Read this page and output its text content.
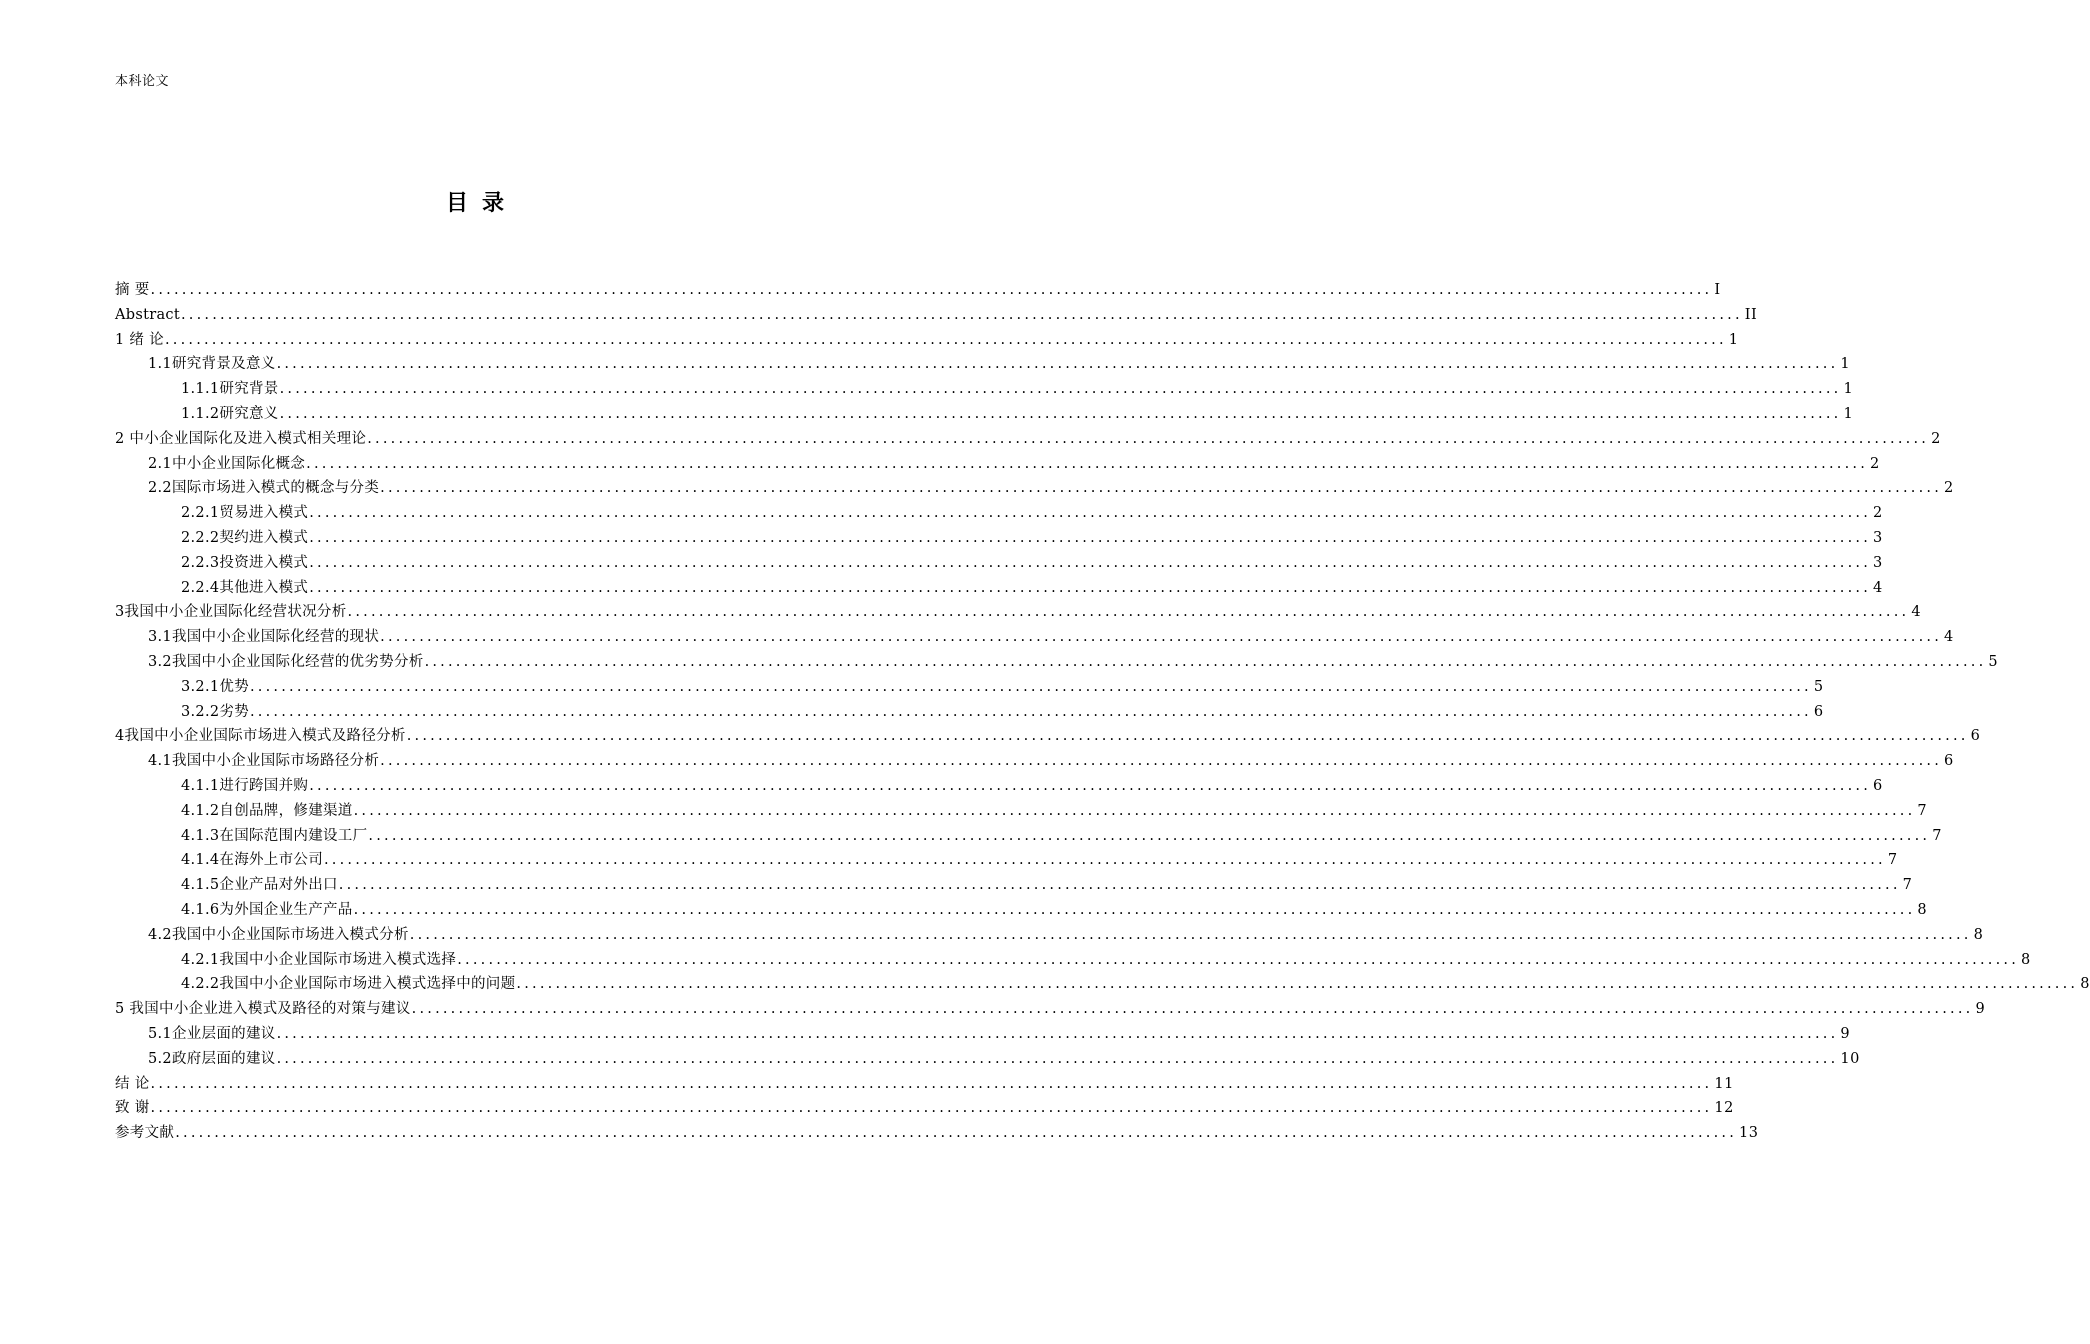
本科论文
目录
摘 要 ........................................................................................................................................................................................................ I
Abstract ........................................................................................................................................................................................................ II
1 绪 论 ........................................................................................................................................................................................................ 1
1.1研究背景及意义 ........................................................................................................................................................................................................ 1
1.1.1研究背景 ........................................................................................................................................................................................................ 1
1.1.2研究意义 ........................................................................................................................................................................................................ 1
2 中小企业国际化及进入模式相关理论 ........................................................................................................................................................................................................ 2
2.1中小企业国际化概念 ........................................................................................................................................................................................................ 2
2.2国际市场进入模式的概念与分类 ........................................................................................................................................................................................................ 2
2.2.1贸易进入模式 ........................................................................................................................................................................................................ 2
2.2.2契约进入模式 ........................................................................................................................................................................................................ 3
2.2.3投资进入模式 ........................................................................................................................................................................................................ 3
2.2.4其他进入模式 ........................................................................................................................................................................................................ 4
3我国中小企业国际化经营状况分析 ........................................................................................................................................................................................................ 4
3.1我国中小企业国际化经营的现状 ........................................................................................................................................................................................................ 4
3.2我国中小企业国际化经营的优劣势分析 ........................................................................................................................................................................................................ 5
3.2.1优势 ........................................................................................................................................................................................................ 5
3.2.2劣势 ........................................................................................................................................................................................................ 6
4我国中小企业国际市场进入模式及路径分析 ........................................................................................................................................................................................................ 6
4.1我国中小企业国际市场路径分析 ........................................................................................................................................................................................................ 6
4.1.1进行跨国并购 ........................................................................................................................................................................................................ 6
4.1.2自创品牌，修建渠道 ........................................................................................................................................................................................................ 7
4.1.3在国际范围内建设工厂 ........................................................................................................................................................................................................ 7
4.1.4在海外上市公司 ........................................................................................................................................................................................................ 7
4.1.5企业产品对外出口 ........................................................................................................................................................................................................ 7
4.1.6为外国企业生产产品 ........................................................................................................................................................................................................ 8
4.2我国中小企业国际市场进入模式分析 ........................................................................................................................................................................................................ 8
4.2.1我国中小企业国际市场进入模式选择 ........................................................................................................................................................................................................ 8
4.2.2我国中小企业国际市场进入模式选择中的问题 ........................................................................................................................................................................................................ 8
5 我国中小企业进入模式及路径的对策与建议 ........................................................................................................................................................................................................ 9
5.1企业层面的建议 ........................................................................................................................................................................................................ 9
5.2政府层面的建议 ........................................................................................................................................................................................................ 10
结 论 ........................................................................................................................................................................................................ 11
致 谢 ........................................................................................................................................................................................................ 12
参考文献 ........................................................................................................................................................................................................ 13
